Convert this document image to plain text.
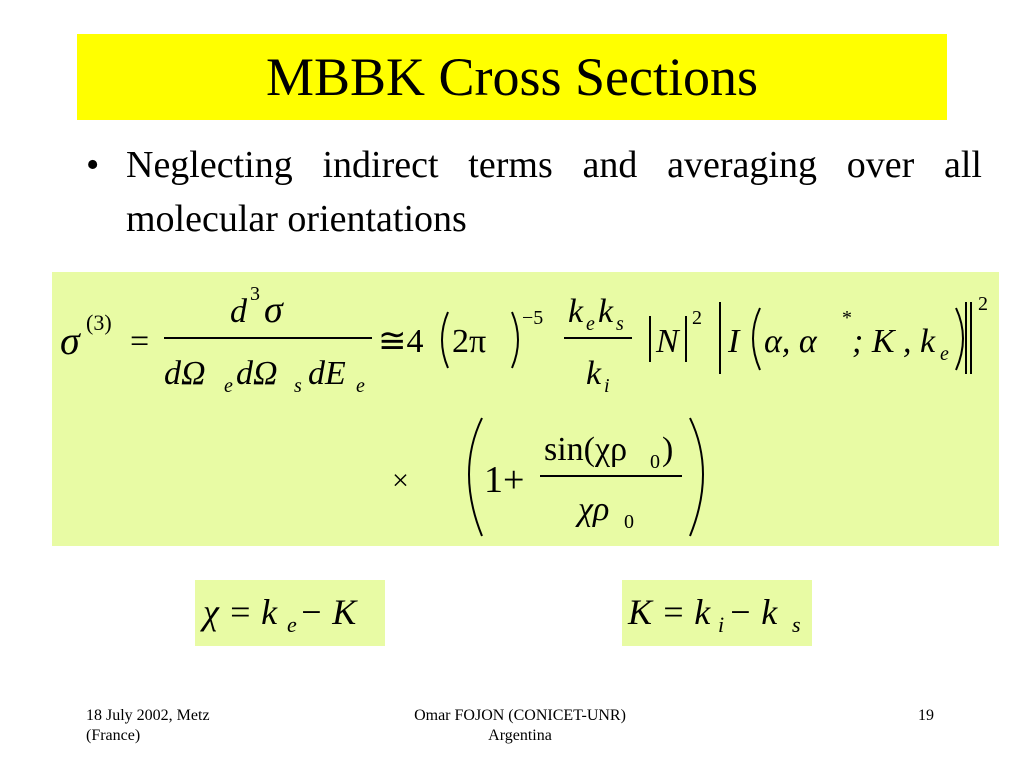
MBBK Cross Sections
• Neglecting indirect terms and averaging over all molecular orientations
σ (3)
=
d 3 σ
dΩ e dΩ s dE e
≅4 2π
−5 k e k s
k i
N
2
I α, α
*
; K , k e
2
× 1+
sin(χρ 0 )
χρ 0
χ = k e − K	K = k i − k s
18 July 2002, Metz
(France)
Omar FOJON (CONICET-UNR)
Argentina
19
